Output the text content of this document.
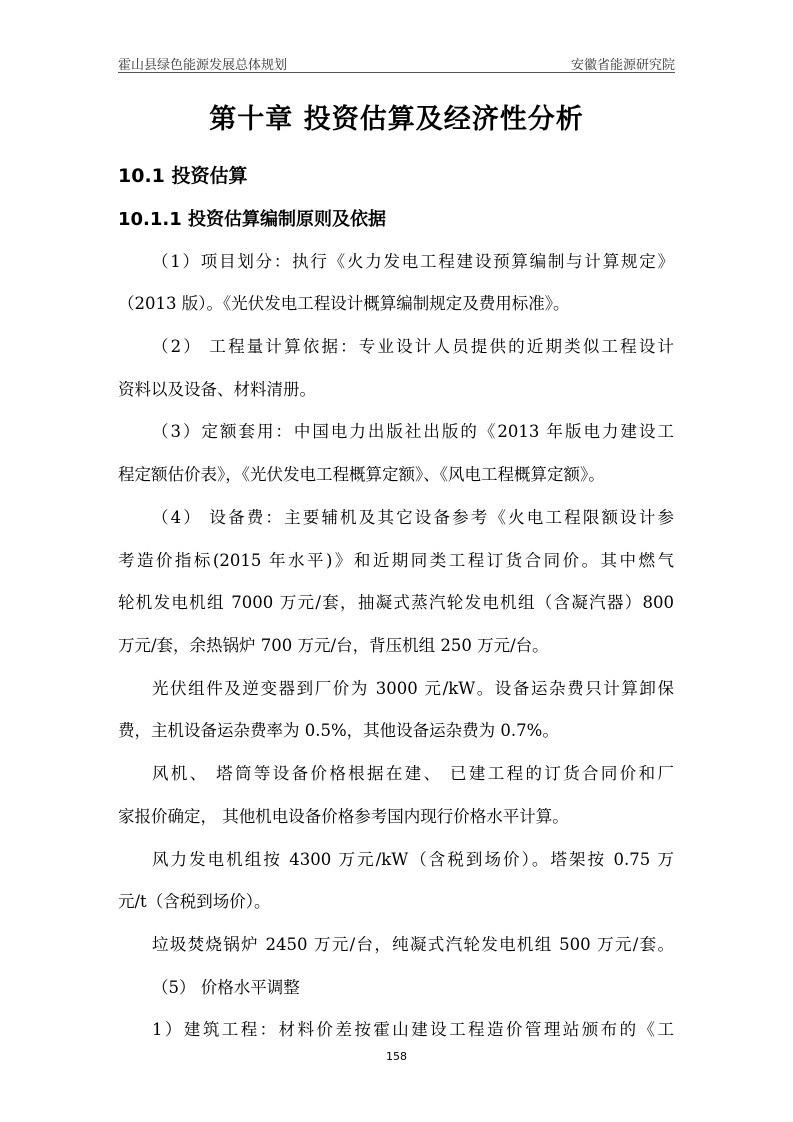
霍山县绿色能源发展总体规划	安徽省能源研究院
第十章 投资估算及经济性分析
10.1 投资估算
10.1.1 投资估算编制原则及依据
（1）项目划分：执行《火力发电工程建设预算编制与计算规定》
（2013 版）。《光伏发电工程设计概算编制规定及费用标准》。
（2） 工程量计算依据：专业设计人员提供的近期类似工程设计
资料以及设备、材料清册。
（3）定额套用：中国电力出版社出版的《2013 年版电力建设工
程定额估价表》，《光伏发电工程概算定额》、《风电工程概算定额》。
（4） 设备费：主要辅机及其它设备参考《火电工程限额设计参
考造价指标(2015 年水平)》和近期同类工程订货合同价。其中燃气
轮机发电机组 7000 万元/套，抽凝式蒸汽轮发电机组（含凝汽器）800
万元/套，余热锅炉 700 万元/台，背压机组 250 万元/台。
光伏组件及逆变器到厂价为 3000 元/kW。设备运杂费只计算卸保
费，主机设备运杂费率为 0.5%，其他设备运杂费为 0.7%。
风机、 塔筒等设备价格根据在建、 已建工程的订货合同价和厂
家报价确定， 其他机电设备价格参考国内现行价格水平计算。
风力发电机组按 4300 万元/kW（含税到场价）。塔架按 0.75 万
元/t（含税到场价）。
垃圾焚烧锅炉 2450 万元/台，纯凝式汽轮发电机组 500 万元/套。
（5） 价格水平调整
1）建筑工程：材料价差按霍山建设工程造价管理站颁布的《工
158
